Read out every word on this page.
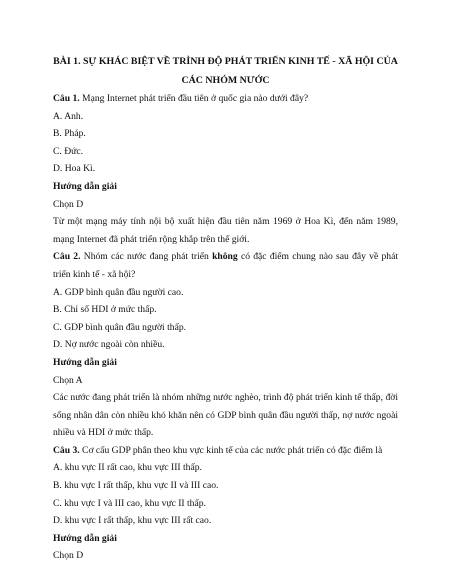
BÀI 1. SỰ KHÁC BIỆT VỀ TRÌNH ĐỘ PHÁT TRIỂN KINH TẾ - XÃ HỘI CỦA CÁC NHÓM NƯỚC

Câu 1. Mạng Internet phát triển đầu tiên ở quốc gia nào dưới đây?

A. Anh.

B. Pháp.

C. Đức.

D. Hoa Kì.

Hướng dẫn giải

Chọn D

Từ một mạng máy tính nội bộ xuất hiện đầu tiên năm 1969 ở Hoa Kì, đến năm 1989, mạng Internet đã phát triển rộng khắp trên thế giới.

Câu 2. Nhóm các nước đang phát triển không có đặc điểm chung nào sau đây về phát triển kinh tế - xã hội?

A. GDP bình quân đầu người cao.

B. Chỉ số HDI ở mức thấp.

C. GDP bình quân đầu người thấp.

D. Nợ nước ngoài còn nhiều.

Hướng dẫn giải

Chọn A

Các nước đang phát triển là nhóm những nước nghèo, trình độ phát triển kinh tế thấp, đời sống nhân dân còn nhiều khó khăn nên có GDP bình quân đầu người thấp, nợ nước ngoài nhiều và HDI ở mức thấp.

Câu 3. Cơ cấu GDP phân theo khu vực kinh tế của các nước phát triển có đặc điểm là

A. khu vực II rất cao, khu vực III thấp.

B. khu vực I rất thấp, khu vực II và III cao.

C. khu vực I và III cao, khu vực II thấp.

D. khu vực I rất thấp, khu vực III rất cao.

Hướng dẫn giải

Chọn D
